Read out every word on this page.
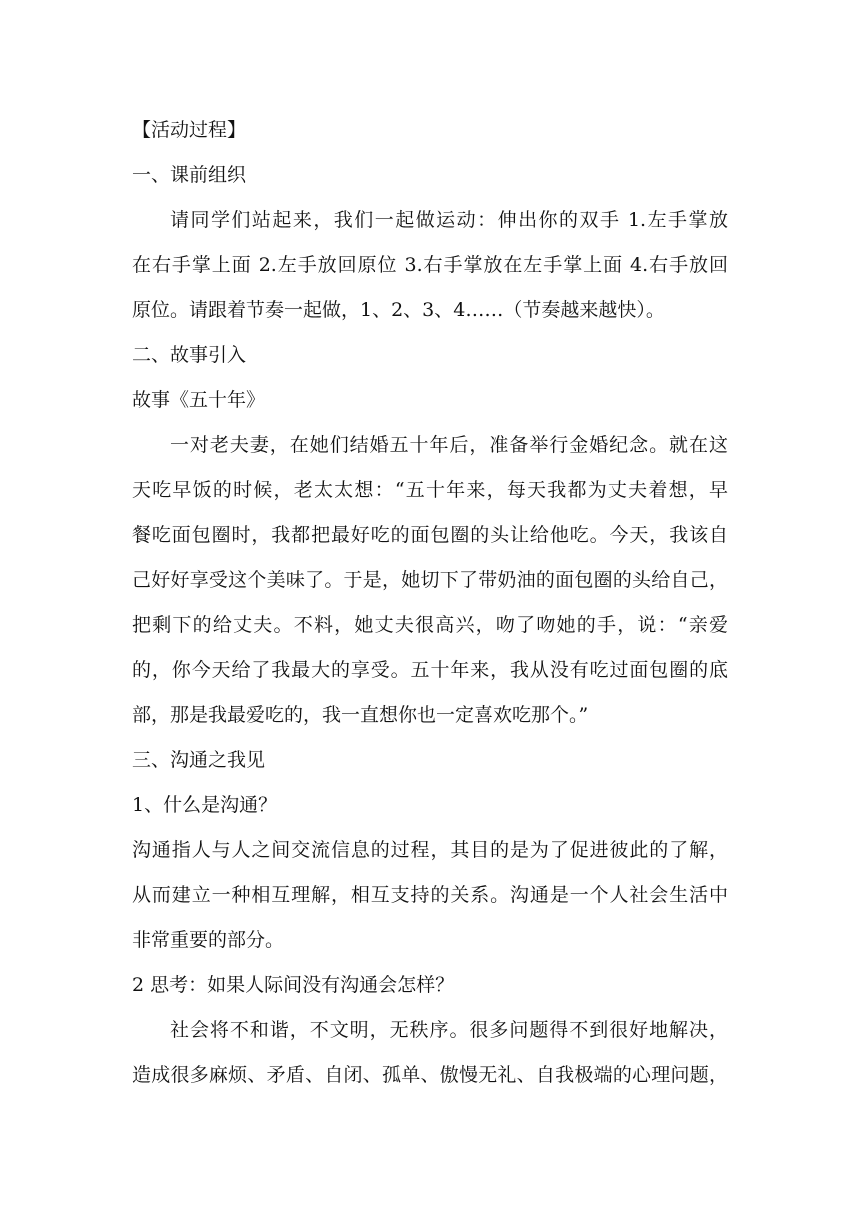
【活动过程】
一、课前组织
请同学们站起来，我们一起做运动：伸出你的双手 1.左手掌放
在右手掌上面 2.左手放回原位 3.右手掌放在左手掌上面 4.右手放回
原位。请跟着节奏一起做，1、2、3、4……（节奏越来越快）。
二、故事引入
故事《五十年》
一对老夫妻，在她们结婚五十年后，准备举行金婚纪念。就在这
天吃早饭的时候，老太太想：“五十年来，每天我都为丈夫着想，早
餐吃面包圈时，我都把最好吃的面包圈的头让给他吃。今天，我该自
己好好享受这个美味了。于是，她切下了带奶油的面包圈的头给自己，
把剩下的给丈夫。不料，她丈夫很高兴，吻了吻她的手，说：“亲爱
的，你今天给了我最大的享受。五十年来，我从没有吃过面包圈的底
部，那是我最爱吃的，我一直想你也一定喜欢吃那个。”
三、沟通之我见
1、什么是沟通？
沟通指人与人之间交流信息的过程，其目的是为了促进彼此的了解，
从而建立一种相互理解，相互支持的关系。沟通是一个人社会生活中
非常重要的部分。
2 思考：如果人际间没有沟通会怎样？
社会将不和谐，不文明，无秩序。很多问题得不到很好地解决，
造成很多麻烦、矛盾、自闭、孤单、傲慢无礼、自我极端的心理问题，
